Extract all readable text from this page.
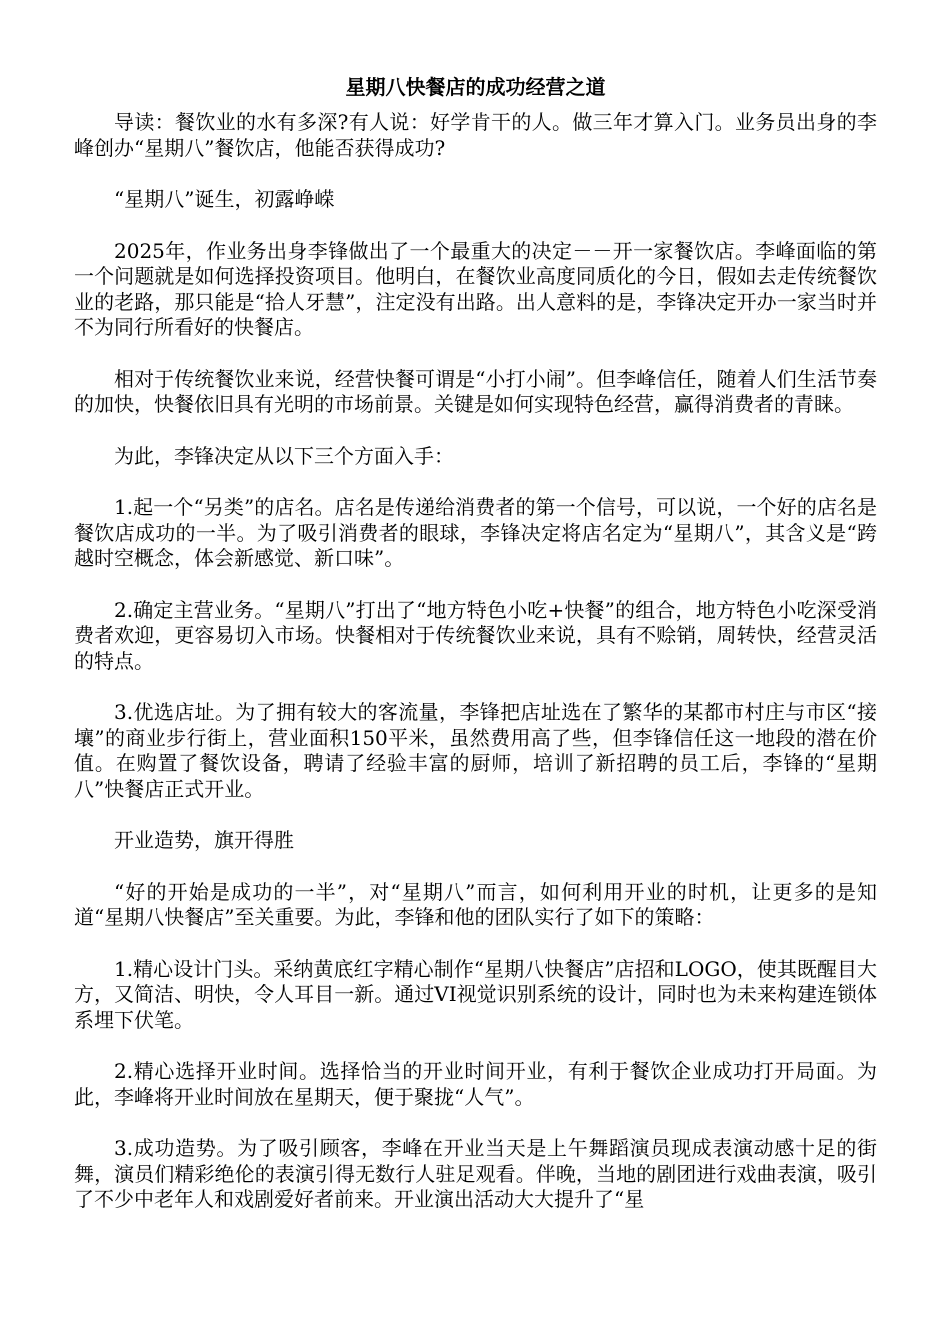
星期八快餐店的成功经营之道

导读：餐饮业的水有多深?有人说：好学肯干的人。做三年才算入门。业务员出身的李峰创办“星期八”餐饮店，他能否获得成功?

“星期八”诞生，初露峥嵘

2025年，作业务出身李锋做出了一个最重大的决定－－开一家餐饮店。李峰面临的第一个问题就是如何选择投资项目。他明白，在餐饮业高度同质化的今日，假如去走传统餐饮业的老路，那只能是“拾人牙慧”，注定没有出路。出人意料的是，李锋决定开办一家当时并不为同行所看好的快餐店。

相对于传统餐饮业来说，经营快餐可谓是“小打小闹”。但李峰信任，随着人们生活节奏的加快，快餐依旧具有光明的市场前景。关键是如何实现特色经营，赢得消费者的青睐。

为此，李锋决定从以下三个方面入手：

1.起一个“另类”的店名。店名是传递给消费者的第一个信号，可以说，一个好的店名是餐饮店成功的一半。为了吸引消费者的眼球，李锋决定将店名定为“星期八”，其含义是“跨越时空概念，体会新感觉、新口味”。

2.确定主营业务。“星期八”打出了“地方特色小吃+快餐”的组合，地方特色小吃深受消费者欢迎，更容易切入市场。快餐相对于传统餐饮业来说，具有不赊销，周转快，经营灵活的特点。

3.优选店址。为了拥有较大的客流量，李锋把店址选在了繁华的某都市村庄与市区“接壤”的商业步行街上，营业面积150平米，虽然费用高了些，但李锋信任这一地段的潜在价值。在购置了餐饮设备，聘请了经验丰富的厨师，培训了新招聘的员工后，李锋的“星期八”快餐店正式开业。

开业造势，旗开得胜

“好的开始是成功的一半”，对“星期八”而言，如何利用开业的时机，让更多的是知道“星期八快餐店”至关重要。为此，李锋和他的团队实行了如下的策略：

1.精心设计门头。采纳黄底红字精心制作“星期八快餐店”店招和LOGO，使其既醒目大方，又简洁、明快，令人耳目一新。通过VI视觉识别系统的设计，同时也为未来构建连锁体系埋下伏笔。

2.精心选择开业时间。选择恰当的开业时间开业，有利于餐饮企业成功打开局面。为此，李峰将开业时间放在星期天，便于聚拢“人气”。

3.成功造势。为了吸引顾客，李峰在开业当天是上午舞蹈演员现成表演动感十足的街舞，演员们精彩绝伦的表演引得无数行人驻足观看。伴晚，当地的剧团进行戏曲表演，吸引了不少中老年人和戏剧爱好者前来。开业演出活动大大提升了“星
